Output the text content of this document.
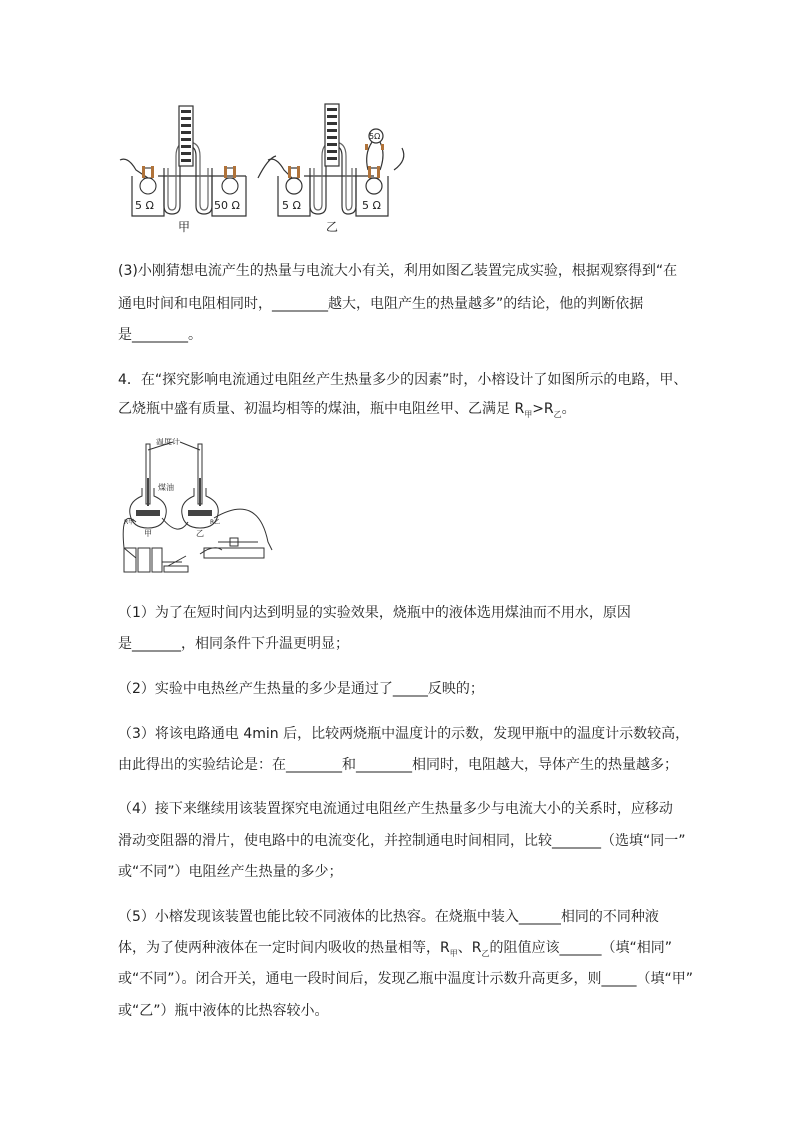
5 Ω	50 Ω
甲
5Ω
5 Ω	5 Ω
乙
(3)小刚猜想电流产生的热量与电流大小有关，利用如图乙装置完成实验，根据观察得到“在
通电时间和电阻相同时，________越大，电阻产生的热量越多”的结论，他的判断依据
是________。
4．在“探究影响电流通过电阻丝产生热量多少的因素”时，小榕设计了如图所示的电路，甲、
乙烧瓶中盛有质量、初温均相等的煤油，瓶中电阻丝甲、乙满足 $R_甲>R_乙$。
温度计
煤油
R甲	R乙
甲	乙
（1）为了在短时间内达到明显的实验效果，烧瓶中的液体选用煤油而不用水，原因
是_______，相同条件下升温更明显；
（2）实验中电热丝产生热量的多少是通过了_____反映的；
（3）将该电路通电 4min 后，比较两烧瓶中温度计的示数，发现甲瓶中的温度计示数较高，
由此得出的实验结论是：在________和________相同时，电阻越大，导体产生的热量越多；
（4）接下来继续用该装置探究电流通过电阻丝产生热量多少与电流大小的关系时，应移动
滑动变阻器的滑片，使电路中的电流变化，并控制通电时间相同，比较_______（选填“同一”
或“不同”）电阻丝产生热量的多少；
（5）小榕发现该装置也能比较不同液体的比热容。在烧瓶中装入______相同的不同种液
体，为了使两种液体在一定时间内吸收的热量相等，$R_甲$、$R_乙$的阻值应该______（填“相同”
或“不同”）。闭合开关，通电一段时间后，发现乙瓶中温度计示数升高更多，则_____（填“甲”
或“乙”）瓶中液体的比热容较小。
